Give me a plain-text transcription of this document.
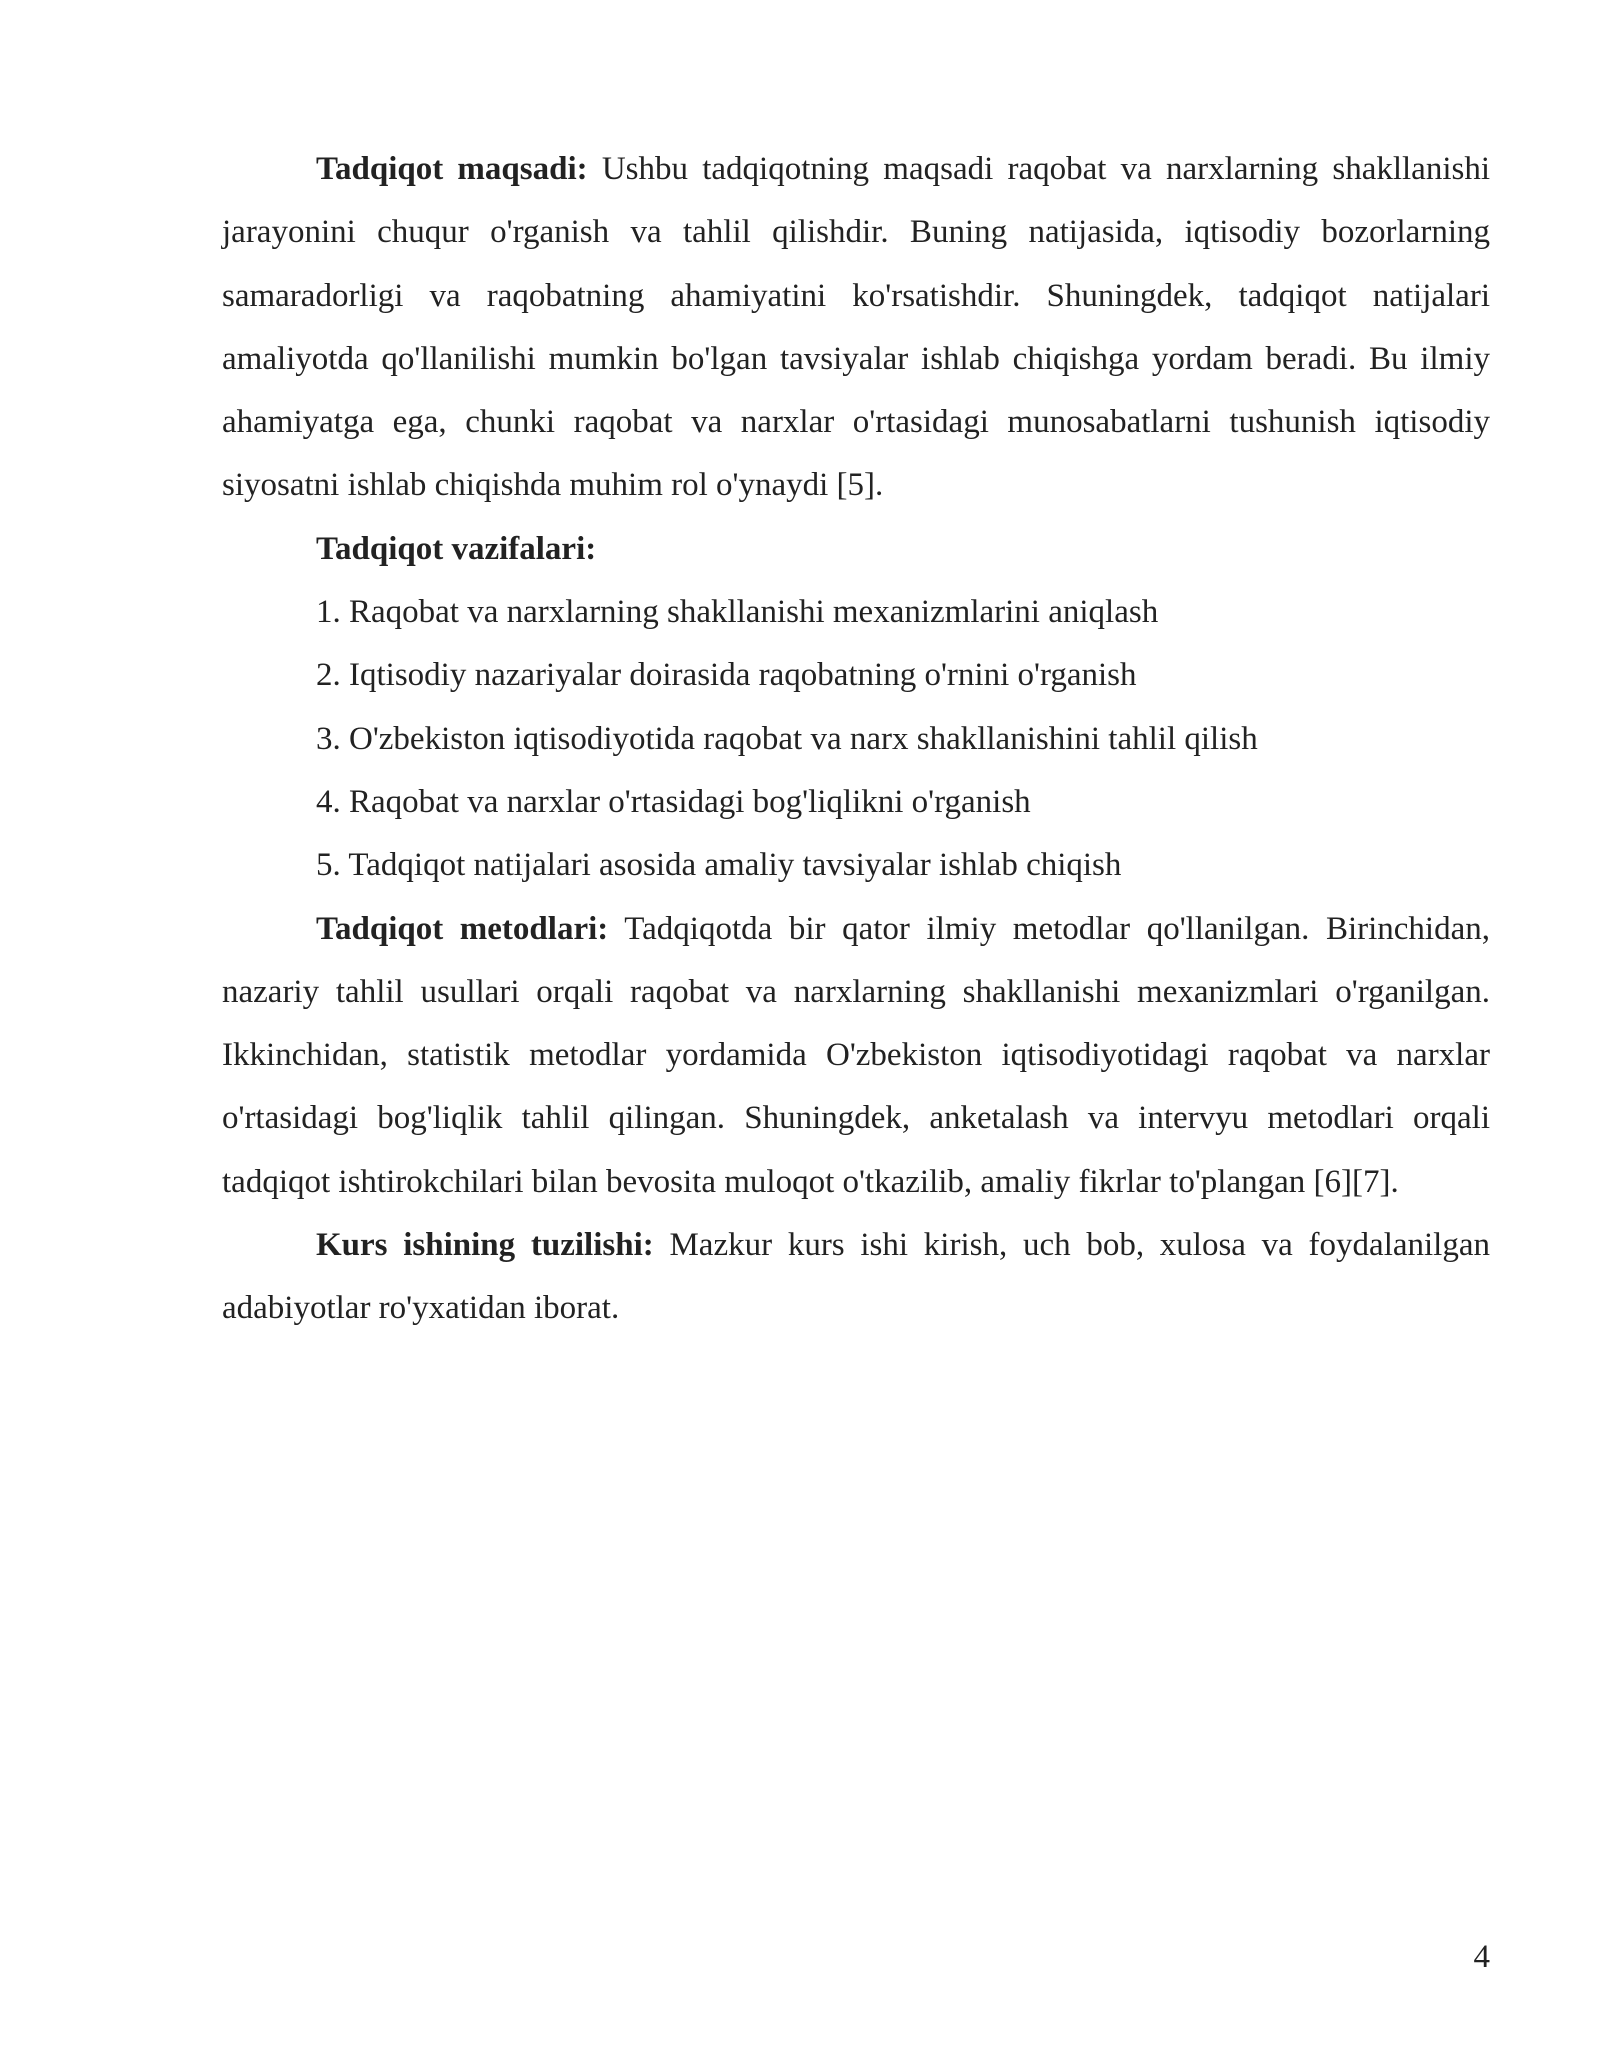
Tadqiqot maqsadi: Ushbu tadqiqotning maqsadi raqobat va narxlarning shakllanishi jarayonini chuqur o'rganish va tahlil qilishdir. Buning natijasida, iqtisodiy bozorlarning samaradorligi va raqobatning ahamiyatini ko'rsatishdir. Shuningdek, tadqiqot natijalari amaliyotda qo'llanilishi mumkin bo'lgan tavsiyalar ishlab chiqishga yordam beradi. Bu ilmiy ahamiyatga ega, chunki raqobat va narxlar o'rtasidagi munosabatlarni tushunish iqtisodiy siyosatni ishlab chiqishda muhim rol o'ynaydi [5].

Tadqiqot vazifalari:

1. Raqobat va narxlarning shakllanishi mexanizmlarini aniqlash
2. Iqtisodiy nazariyalar doirasida raqobatning o'rnini o'rganish
3. O'zbekiston iqtisodiyotida raqobat va narx shakllanishini tahlil qilish
4. Raqobat va narxlar o'rtasidagi bog'liqlikni o'rganish
5. Tadqiqot natijalari asosida amaliy tavsiyalar ishlab chiqish

Tadqiqot metodlari: Tadqiqotda bir qator ilmiy metodlar qo'llanilgan. Birinchidan, nazariy tahlil usullari orqali raqobat va narxlarning shakllanishi mexanizmlari o'rganilgan. Ikkinchidan, statistik metodlar yordamida O'zbekiston iqtisodiyotidagi raqobat va narxlar o'rtasidagi bog'liqlik tahlil qilingan. Shuningdek, anketalash va intervyu metodlari orqali tadqiqot ishtirokchilari bilan bevosita muloqot o'tkazilib, amaliy fikrlar to'plangan [6][7].

Kurs ishining tuzilishi: Mazkur kurs ishi kirish, uch bob, xulosa va foydalanilgan adabiyotlar ro'yxatidan iborat.

4
